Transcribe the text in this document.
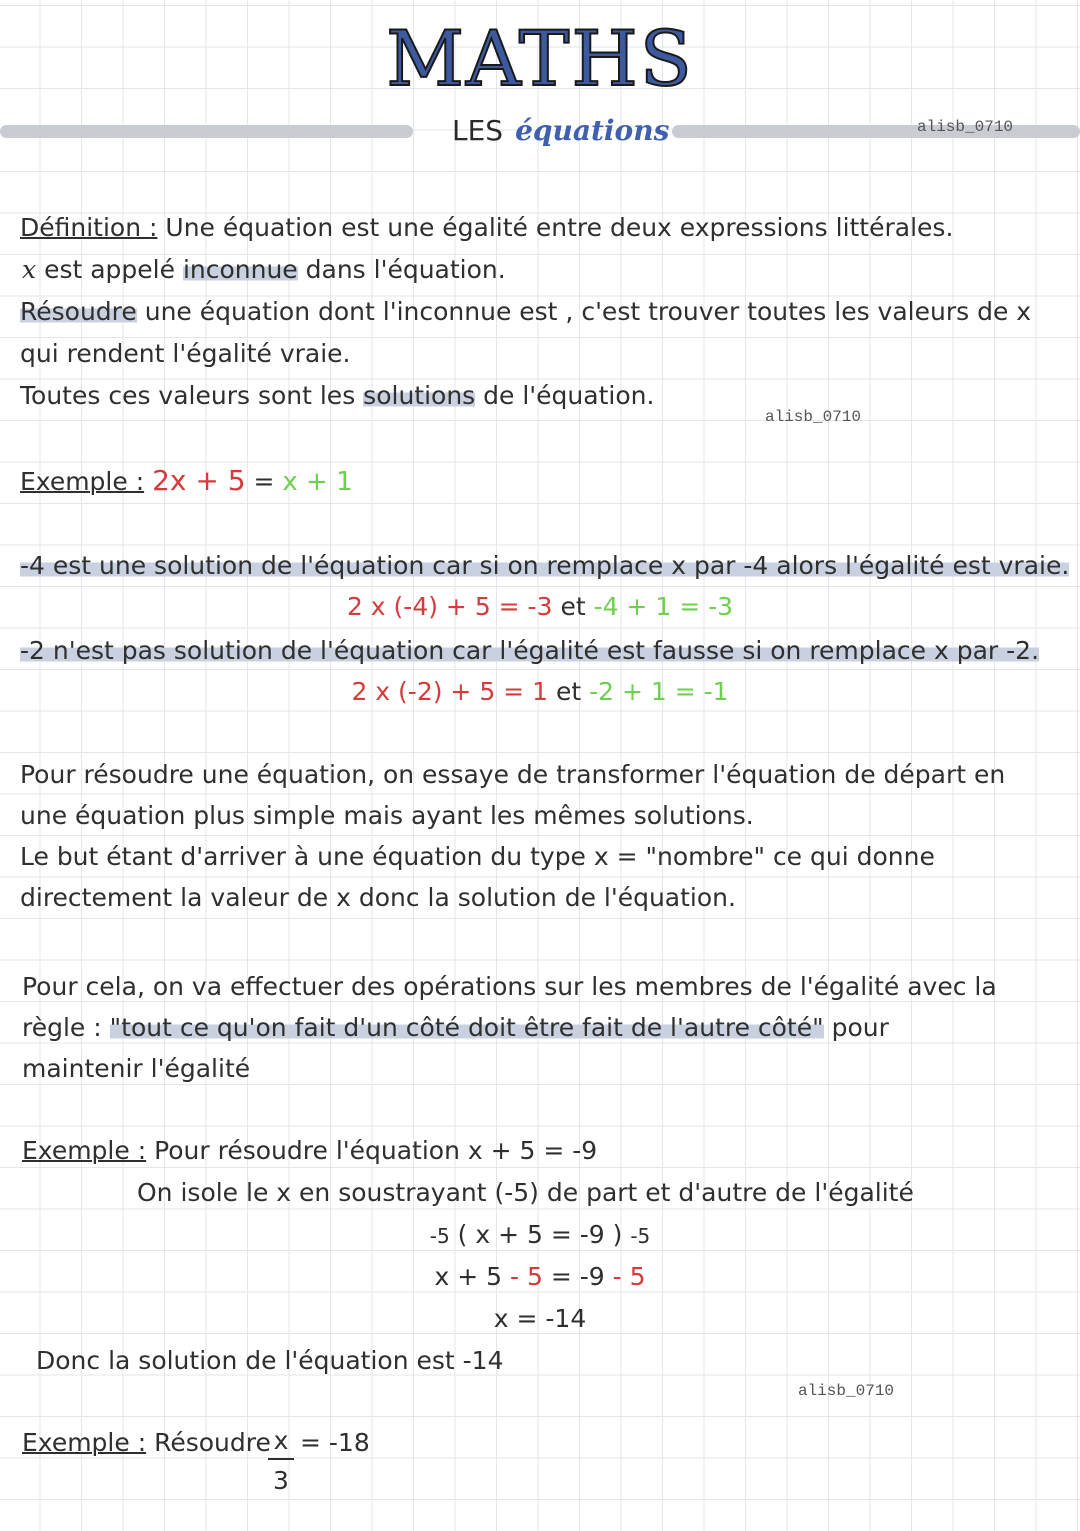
MATHS
LES équations	alisb_0710
Définition : Une équation est une égalité entre deux expressions littérales.
x est appelé inconnue dans l'équation.
Résoudre une équation dont l'inconnue est , c'est trouver toutes les valeurs de x
qui rendent l'égalité vraie.
Toutes ces valeurs sont les solutions de l'équation.
alisb_0710
Exemple : 2x + 5 = x + 1
-4 est une solution de l'équation car si on remplace x par -4 alors l'égalité est vraie.
2 x (-4) + 5 = -3 et -4 + 1 = -3
-2 n'est pas solution de l'équation car l'égalité est fausse si on remplace x par -2.
2 x (-2) + 5 = 1 et -2 + 1 = -1
Pour résoudre une équation, on essaye de transformer l'équation de départ en
une équation plus simple mais ayant les mêmes solutions.
Le but étant d'arriver à une équation du type x = "nombre" ce qui donne
directement la valeur de x donc la solution de l'équation.
Pour cela, on va effectuer des opérations sur les membres de l'égalité avec la
règle : "tout ce qu'on fait d'un côté doit être fait de l'autre côté" pour
maintenir l'égalité
Exemple : Pour résoudre l'équation x + 5 = -9
On isole le x en soustrayant (-5) de part et d'autre de l'égalité
-5 ( x + 5 = -9 ) -5
x + 5 - 5 = -9 - 5
x = -14
Donc la solution de l'équation est -14
alisb_0710
Exemple : Résoudre x
3
= -18
